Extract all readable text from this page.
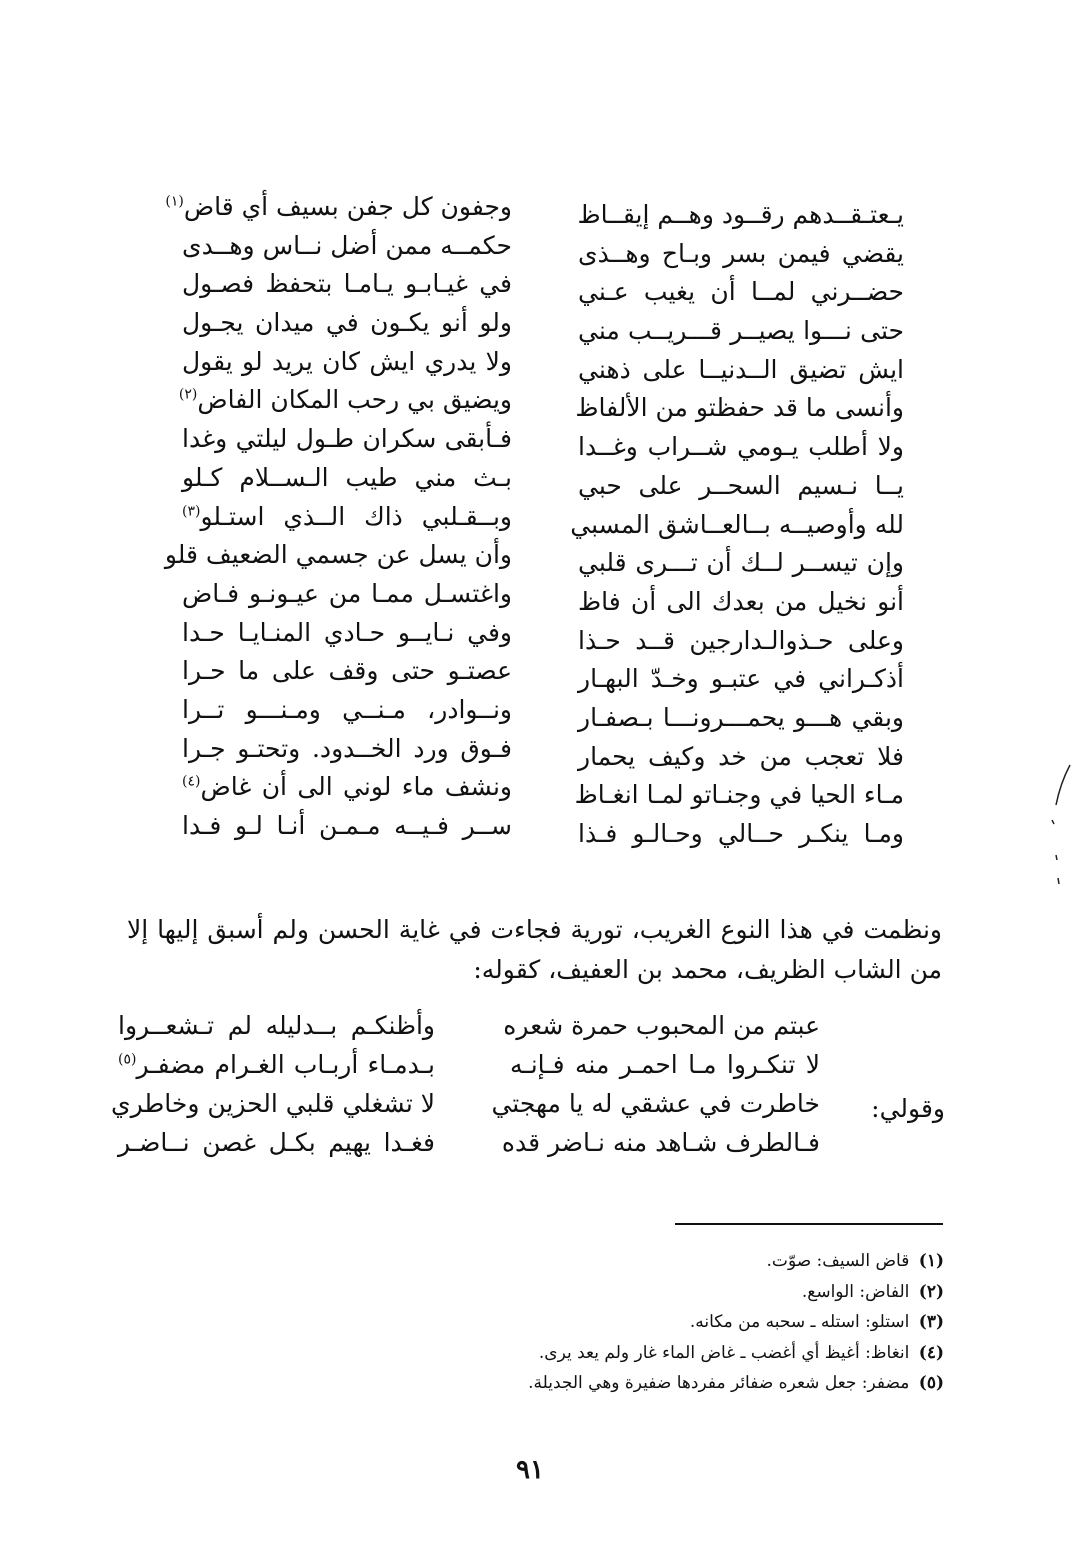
يـعتـقــدهم رقــود وهــم إيقــاظ
يقضي فيمن بسر وبـاح وهــذى
حضــرني لمــا أن يغيب عـني
حتى نـــوا يصيــر قـــريــب مني
ايش تضيق الــدنيــا على ذهني
وأنسى ما قد حفظتو من الألفاظ
ولا أطلب يـومي شــراب وغــدا
يــا نـسيم السحــر على حبي
لله وأوصيــه بــالعــاشق المسبي
وإن تيســر لــك أن تـــرى قلبي
أنو نخيل من بعدك الى أن فاظ
وعلى حـذوالـدارجين قــد حـذا
أذكـراني في عتبـو وخـدّ البهـار
وبقي هـــو يحمـــرونـــا بـصفـار
فلا تعجب من خد وكيف يحمار
مـاء الحيا في وجنـاتو لمـا انغـاظ
ومـا ينكـر حــالي وحـالـو فـذا
وجفون كل جفن بسيف أي قاض$^{(١)}$
حكمــه ممن أضل نــاس وهــدى
في غيـابـو يـامـا بتحفظ فصـول
ولو أنو يكـون في ميدان يجـول
ولا يدري ايش كان يريد لو يقول
ويضيق بي رحب المكان الفاض$^{(٢)}$
فـأبقى سكران طـول ليلتي وغدا
بـث مني طيب الـســلام كـلو
وبــقـلبي ذاك الــذي استـلو$^{(٣)}$
وأن يسل عن جسمي الضعيف قلو
واغتسـل ممـا من عيـونـو فـاض
وفي نـايــو حـادي المنـايـا حـدا
عصتـو حتى وقف على ما حـرا
ونــوادر، مـنــي ومـنـــو تــرا
فـوق ورد الخــدود. وتحتـو جـرا
ونشف ماء لوني الى أن غاض$^{(٤)}$
ســر فـيــه مـمـن أنـا لـو فـدا
ونظمت في هذا النوع الغريب، تورية فجاءت في غاية الحسن ولم أسبق إليها إلا
من الشاب الظريف، محمد بن العفيف، كقوله:
وقولي:
عبتم من المحبوب حمرة شعره
لا تنكـروا مـا احمـر منه فـإنـه
خاطرت في عشقي له يا مهجتي
فـالطرف شـاهد منه نـاضر قده
وأظنكـم بــدليله لم تـشعــروا
بـدمـاء أربـاب الغـرام مضفـر$^{(٥)}$
لا تشغلي قلبي الحزين وخاطري
فغـدا يهيم بكـل غصن نــاضـر
(١) قاض السيف: صوّت.
(٢) الفاض: الواسع.
(٣) استلو: استله ـ سحبه من مكانه.
(٤) انغاظ: أغيظ أي أغضب ـ غاض الماء غار ولم يعد يرى.
(٥) مضفر: جعل شعره ضفائر مفردها ضفيرة وهي الجديلة.
٩١
